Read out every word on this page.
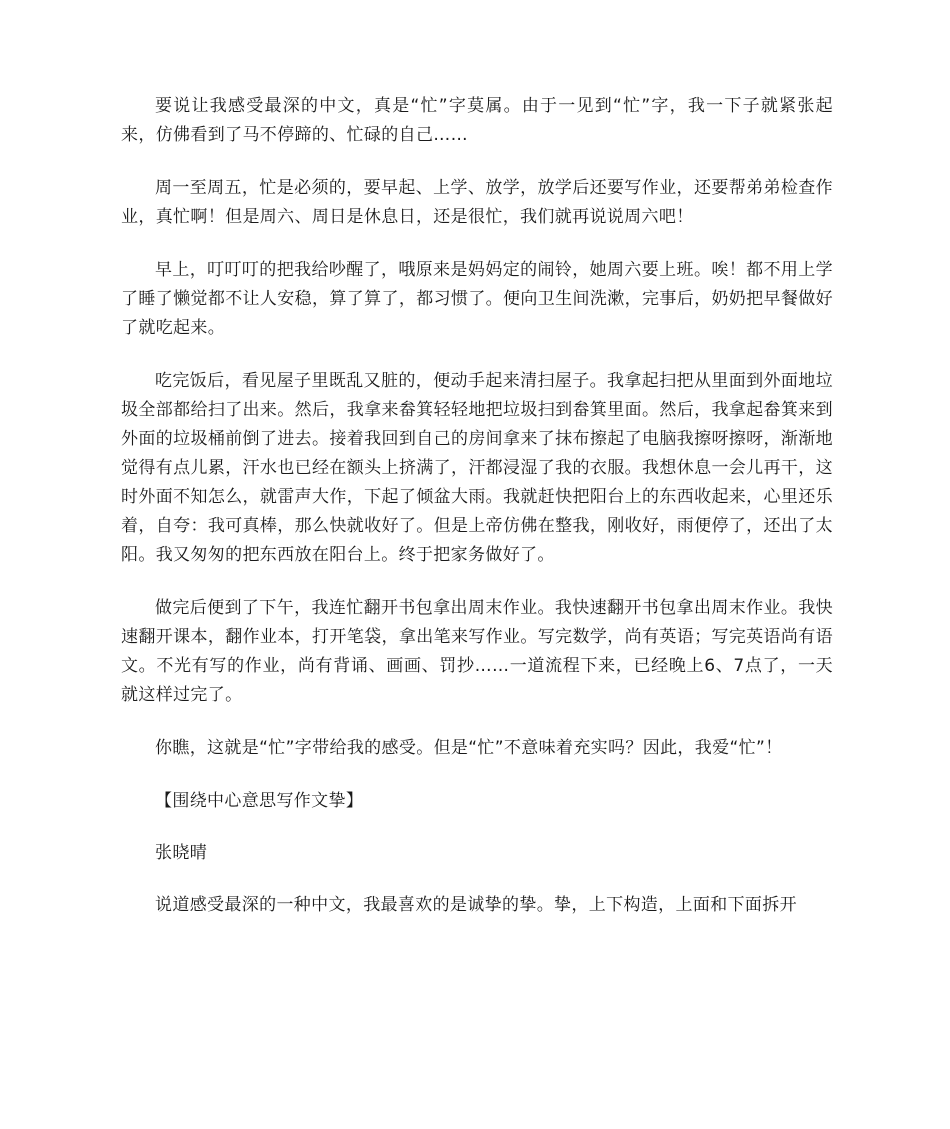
要说让我感受最深的中文，真是“忙”字莫属。由于一见到“忙”字，我一下子就紧张起来，仿佛看到了马不停蹄的、忙碌的自己……

周一至周五，忙是必须的，要早起、上学、放学，放学后还要写作业，还要帮弟弟检查作业，真忙啊！但是周六、周日是休息日，还是很忙，我们就再说说周六吧！

早上，叮叮叮的把我给吵醒了，哦原来是妈妈定的闹铃，她周六要上班。唉！都不用上学了睡了懒觉都不让人安稳，算了算了，都习惯了。便向卫生间洗漱，完事后，奶奶把早餐做好了就吃起来。

吃完饭后，看见屋子里既乱又脏的，便动手起来清扫屋子。我拿起扫把从里面到外面地垃圾全部都给扫了出来。然后，我拿来畚箕轻轻地把垃圾扫到畚箕里面。然后，我拿起畚箕来到外面的垃圾桶前倒了进去。接着我回到自己的房间拿来了抹布擦起了电脑我擦呀擦呀，渐渐地觉得有点儿累，汗水也已经在额头上挤满了，汗都浸湿了我的衣服。我想休息一会儿再干，这时外面不知怎么，就雷声大作，下起了倾盆大雨。我就赶快把阳台上的东西收起来，心里还乐着，自夸：我可真棒，那么快就收好了。但是上帝仿佛在整我，刚收好，雨便停了，还出了太阳。我又匆匆的把东西放在阳台上。终于把家务做好了。

做完后便到了下午，我连忙翻开书包拿出周末作业。我快速翻开书包拿出周末作业。我快速翻开课本，翻作业本，打开笔袋，拿出笔来写作业。写完数学，尚有英语；写完英语尚有语文。不光有写的作业，尚有背诵、画画、罚抄……一道流程下来，已经晚上6、7点了，一天就这样过完了。

你瞧，这就是“忙”字带给我的感受。但是“忙”不意味着充实吗？因此，我爱“忙”！

【围绕中心意思写作文挚】

张晓晴

说道感受最深的一种中文，我最喜欢的是诚挚的挚。挚，上下构造，上面和下面拆开
